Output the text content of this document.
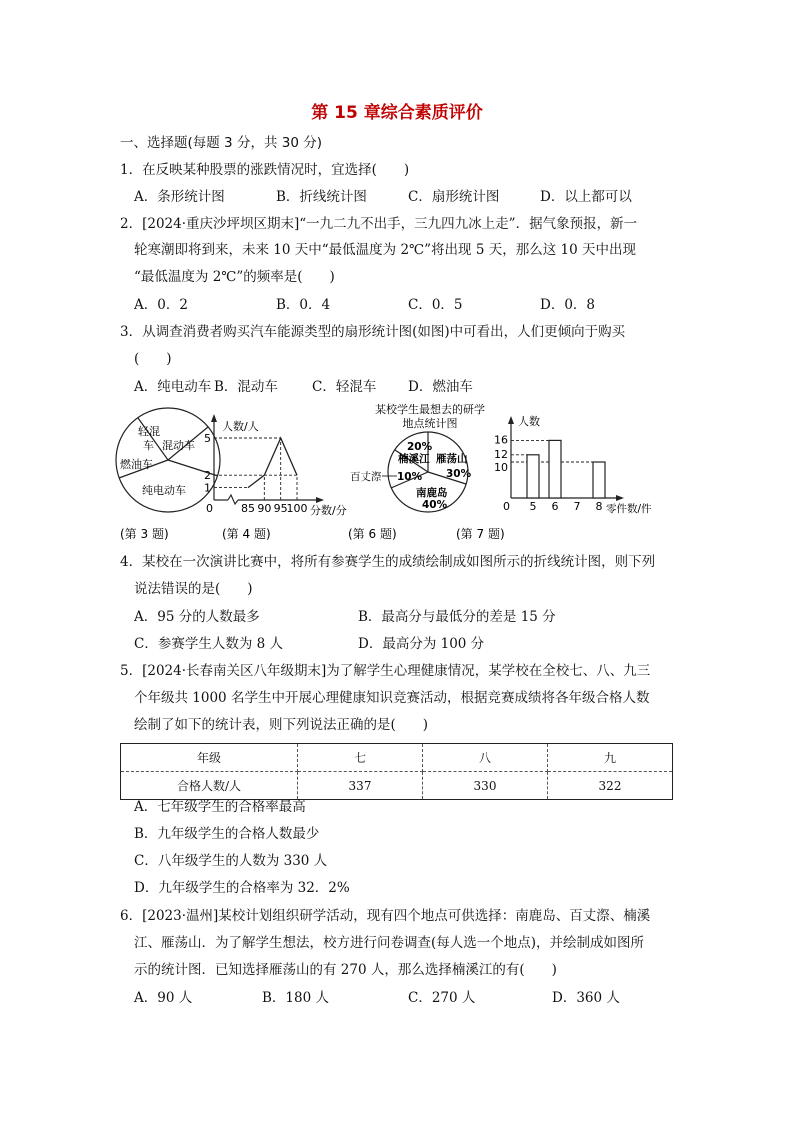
第 15 章综合素质评价
一、选择题(每题 3 分，共 30 分)
1．在反映某种股票的涨跌情况时，宜选择(　　)
A．条形统计图	B．折线统计图	C．扇形统计图	D．以上都可以
2．[2024·重庆沙坪坝区期末]“一九二九不出手，三九四九冰上走”．据气象预报，新一
轮寒潮即将到来，未来 10 天中“最低温度为 2℃”将出现 5 天，那么这 10 天中出现
“最低温度为 2℃”的频率是(　　)
A．0．2	B．0．4	C．0．5	D．0．8
3．从调查消费者购买汽车能源类型的扇形统计图(如图)中可看出，人们更倾向于购买
(　　)
A．纯电动车 B．混动车	C．轻混车 D．燃油车
轻混
车 混动车
燃油车
纯电动车
(第 3 题)
人数/人
分数/分
5
2
1
0	85 90 95
100
(第 4 题)
某校学生最想去的研学
地点统计图
20%
楠溪江 雁荡山
30%
百丈漈 10%
南鹿岛
40%
(第 6 题)
人数
零件数/件
0
16
12
10
5 6 7 8
(第 7 题)
4．某校在一次演讲比赛中，将所有参赛学生的成绩绘制成如图所示的折线统计图，则下列
说法错误的是(　　)
A．95 分的人数最多	B．最高分与最低分的差是 15 分
C．参赛学生人数为 8 人	D．最高分为 100 分
5．[2024·长春南关区八年级期末]为了解学生心理健康情况，某学校在全校七、八、九三
个年级共 1000 名学生中开展心理健康知识竞赛活动，根据竞赛成绩将各年级合格人数
绘制了如下的统计表，则下列说法正确的是(　　)
年级	七	八	九
合格人数/人	337	330	322
A．七年级学生的合格率最高
B．九年级学生的合格人数最少
C．八年级学生的人数为 330 人
D．九年级学生的合格率为 32．2%
6．[2023·温州]某校计划组织研学活动，现有四个地点可供选择：南鹿岛、百丈漈、楠溪
江、雁荡山．为了解学生想法，校方进行问卷调查(每人选一个地点)，并绘制成如图所
示的统计图．已知选择雁荡山的有 270 人，那么选择楠溪江的有(　　)
A．90 人	B．180 人	C．270 人	D．360 人
